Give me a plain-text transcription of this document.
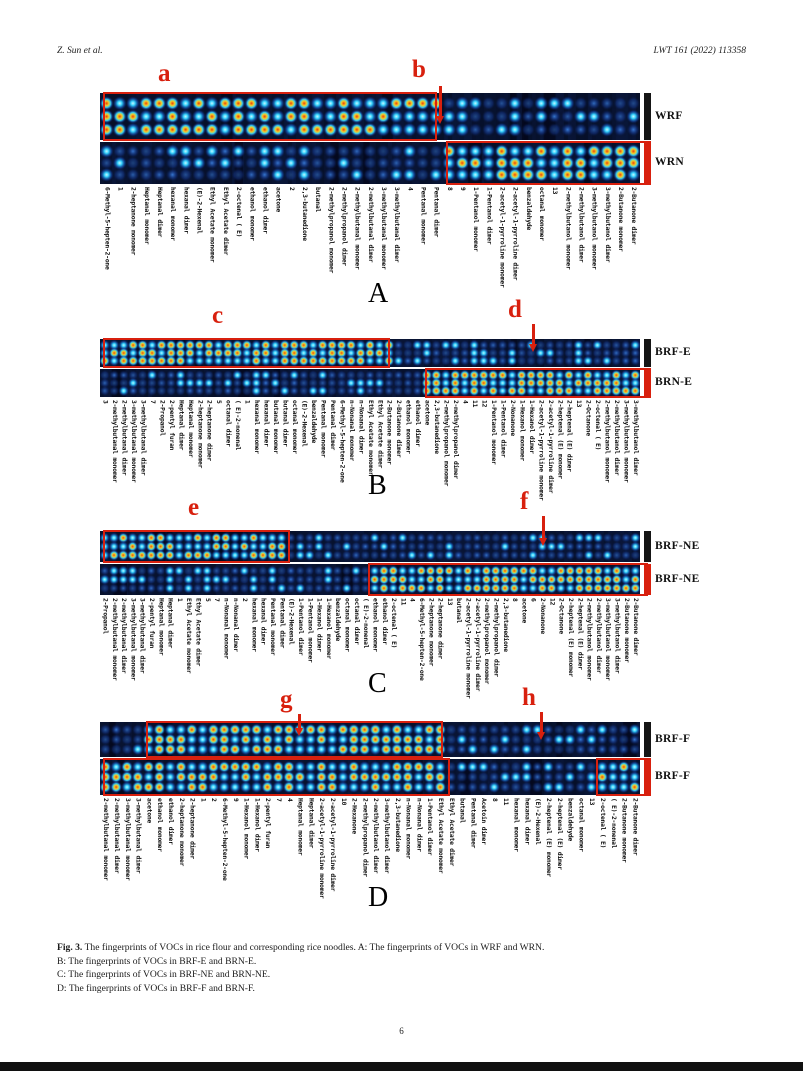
Z. Sun et al.	LWT 161 (2022) 113358
WRF
WRN
a	b
6-Methyl-5-hepten-2-one 1 2-heptanone monomer Heptanal monomer Heptanal dimer hexanal monomer hexanal dimer (E)-2-Hexenal Ethyl Acetate monomer Ethyl Acetate dimer 2-octenal ( E) ethanol monomer ethanol dimer acetone 2 2,3-butanedione butanal 2-methylpropanol monomer 2-methylpropanol dimer 2-methylbutanal monomer 2-methylbutanal dimer 3-methylbutanal monomer 3-methylbutanal dimer 4 Pentanal monomer Pentanal dimer 8 9 1-Pentanol monomer 1-Pentanol dimer 2-acetyl-1-pyrroline monomer 2-acetyl-1-pyrroline dimer benzaldehyde octanal monomer 13 2-methylbutanol monomer 2-methylbutanol dimer 3-methylbutanol monomer 3-methylbutanol dimer 2-Butanone monomer 2-Butanone dimer
A
BRF-E
BRN-E
c	d
3 2-methylbutanal monomer 2-methylbutanal dimer 3-methylbutanal monomer 3-methylbutanal dimer 7 2-Propanol 2-pentyl furan Heptanal dimer Heptanal monomer 2-heptanone monomer 2-heptanone dimer 5 octanal dimer ( E)-2-nonenal 1 hexanal monomer hexanal dimer butanal monomer butanal dimer octanal monomer (E)-2-Hexenal benzaldehyde Pentanal monomer Pentanal dimer 6-Methyl-5-hepten-2-one n-Nonanal monomer n-Nonanal dimer Ethyl Acetate monomer Ethyl Acetate dimer 2-Butanone monomer 2-Butanone dimer ethanol monomer ethanol dimer acetone 2,3-butanedione 2-methylpropanol monomer 2-methylpropanol dimer 4 11 12 1-Pentanol monomer 1-Pentanol dimer 2-Nonanone 1-Hexanol monomer 1-Hexanol dimer 2-acetyl-1-pyrroline monomer 2-acetyl-1-pyrroline dimer 2-heptenal (E) monomer 2-heptenal (E) dimer 13 2-Octanone 2-octenal ( E) 2-methylbutanol monomer 2-methylbutanol dimer 3-methylbutanol monomer 3-methylbutanol dimer
B
BRF-NE
BRF-NE
e	f
2-Propanol 2-methylbutanal monomer 2-methylbutanal dimer 3-methylbutanal monomer 3-methylbutanal dimer 2-pentyl furan Heptanal monomer Heptanal dimer 1 Ethyl Acetate monomer Ethyl Acetate dimer 5 7 n-Nonanal monomer n-Nonanal dimer 2 hexanal monomer hexanal dimer Pentanal monomer Pentanal dimer (E)-2-Hexenal 1-Pentanol dimer 1-Pentanol monomer 1-Hexanol dimer 1-Hexanol monomer benzaldehyde octanal monomer octanal dimer ( E)-2-nonenal ethanol monomer ethanol dimer 2-octenal ( E) 11 4 6-Methyl-5-hepten-2-one 2-heptanone monomer 2-heptanone dimer 13 butanal 2-acetyl-1-pyrroline monomer 2-acetyl-1-pyrroline dimer 2-methylpropanol monomer 2-methylpropanol dimer 2,3-butanedione 8 acetone 6 2-Nonanone 12 2-Octanone 2-heptenal (E) monomer 2-heptenal (E) dimer 2-methylbutanol monomer 2-methylbutanol dimer 3-methylbutanol monomer 3-methylbutanol dimer 2-Butanone monomer 2-Butanone dimer
C
BRF-F
BRF-F
g	h
2-methylbutanal monomer 2-methylbutanal dimer 3-methylbutanal monomer 3-methylbutanal dimer acetone ethanol monomer ethanol dimer 2-heptanone monomer 2-heptanone dimer 1 2 6-Methyl-5-hepten-2-one 9 1-Hexanol monomer 1-Hexanol dimer 2-pentyl furan 7 4 Heptanal monomer Heptanal dimer 2-acetyl-1-pyrroline monomer 2-acetyl-1-pyrroline dimer 10 2-Hexanone 2-methylpropanol dimer 2-methylbutanol dimer 3-methylbutanol dimer 2,3-butanedione n-Nonanal monomer n-Nonanal dimer 1-Pentanol dimer Ethyl Acetate monomer Ethyl Acetate dimer butanal Pentanal dimer Acetoin dimer 8 11 hexanal monomer hexanal dimer (E)-2-Hexenal 2-heptenal (E) monomer 2-heptenal (E) dimer benzaldehyde octanal monomer 13 2-octenal ( E) ( E)-2-nonenal 2-Butanone monomer 2-Butanone dimer
D
Fig. 3. The fingerprints of VOCs in rice flour and corresponding rice noodles. A: The fingerprints of VOCs in WRF and WRN.
B: The fingerprints of VOCs in BRF-E and BRN-E.
C: The fingerprints of VOCs in BRF-NE and BRN-NE.
D: The fingerprints of VOCs in BRF-F and BRN-F.
6
